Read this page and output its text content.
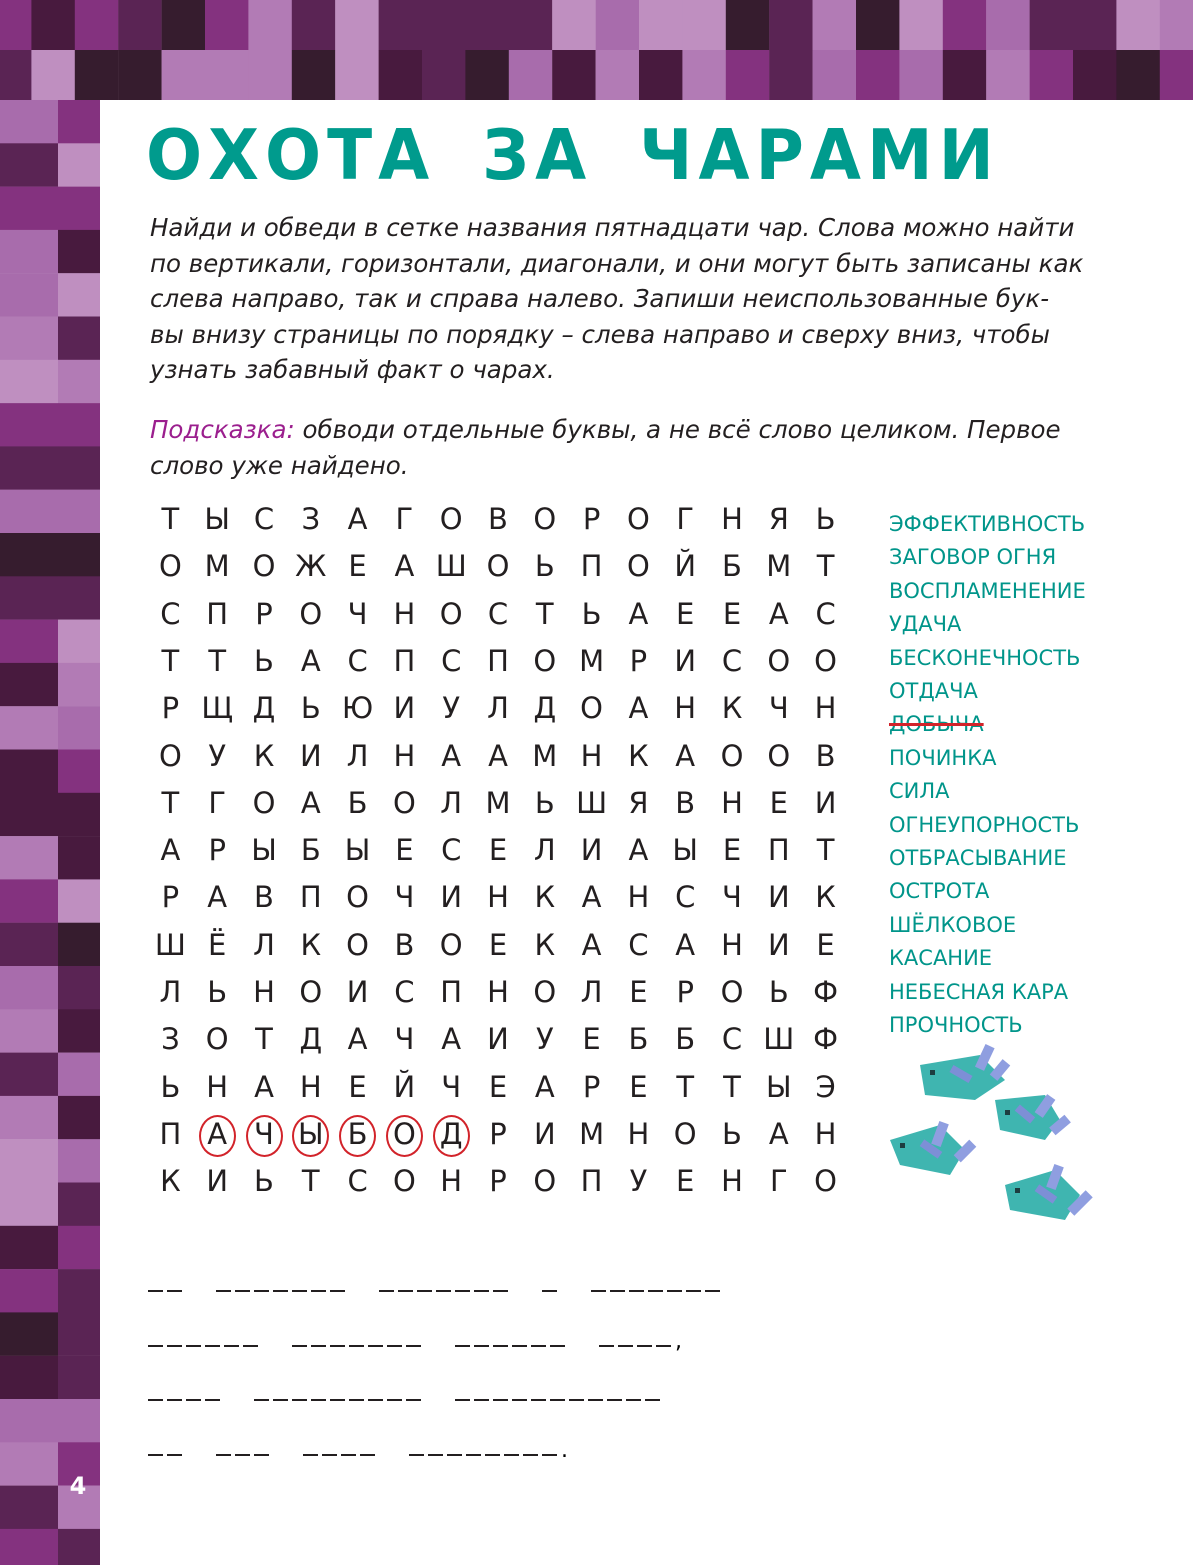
ОХОТА ЗА ЧАРАМИ
Найди и обведи в сетке названия пятнадцати чар. Слова можно найти
по вертикали, горизонтали, диагонали, и они могут быть записаны как
слева направо, так и справа налево. Запиши неиспользованные бук-
вы внизу страницы по порядку – слева направо и сверху вниз, чтобы
узнать забавный факт о чарах.
Подсказка: обводи отдельные буквы, а не всё слово целиком. Первое
слово уже найдено.
Т Ы С З А Г О В О Р О Г Н Я Ь
О М О Ж Е А Ш О Ь П О Й Б М Т
С П Р О Ч Н О С Т Ь А Е Е А С
Т	Т Ь А С П С П О М Р И С О О
Р Щ Д Ь Ю И У Л Д О А Н К Ч Н
О У К И Л Н А А М Н К А О О В
Т	Г О А Б О Л М Ь Ш Я В Н Е И
А Р Ы Б Ы Е С Е Л И А Ы Е П Т
Р А В П О Ч И Н К А Н С Ч И К
Ш Ё Л К О В О Е К А С А Н И Е
Л Ь Н О И С П Н О Л Е Р О Ь Ф
З О Т Д А Ч А И У Е Б Б С Ш Ф
Ь Н А Н Е Й Ч Е А Р Е Т	Т Ы Э
П А Ч Ы Б О Д Р И М Н О Ь А Н
К И Ь Т С О Н Р О П У Е Н Г О
ЭФФЕКТИВНОСТЬ
ЗАГОВОР ОГНЯ
ВОСПЛАМЕНЕНИЕ
УДАЧА
БЕСКОНЕЧНОСТЬ
ОТДАЧА
ДОБЫЧА
ПОЧИНКА
СИЛА
ОГНЕУПОРНОСТЬ
ОТБРАСЫВАНИЕ
ОСТРОТА
ШЁЛКОВОЕ
КАСАНИЕ
НЕБЕСНАЯ КАРА
ПРОЧНОСТЬ
,
.
4
